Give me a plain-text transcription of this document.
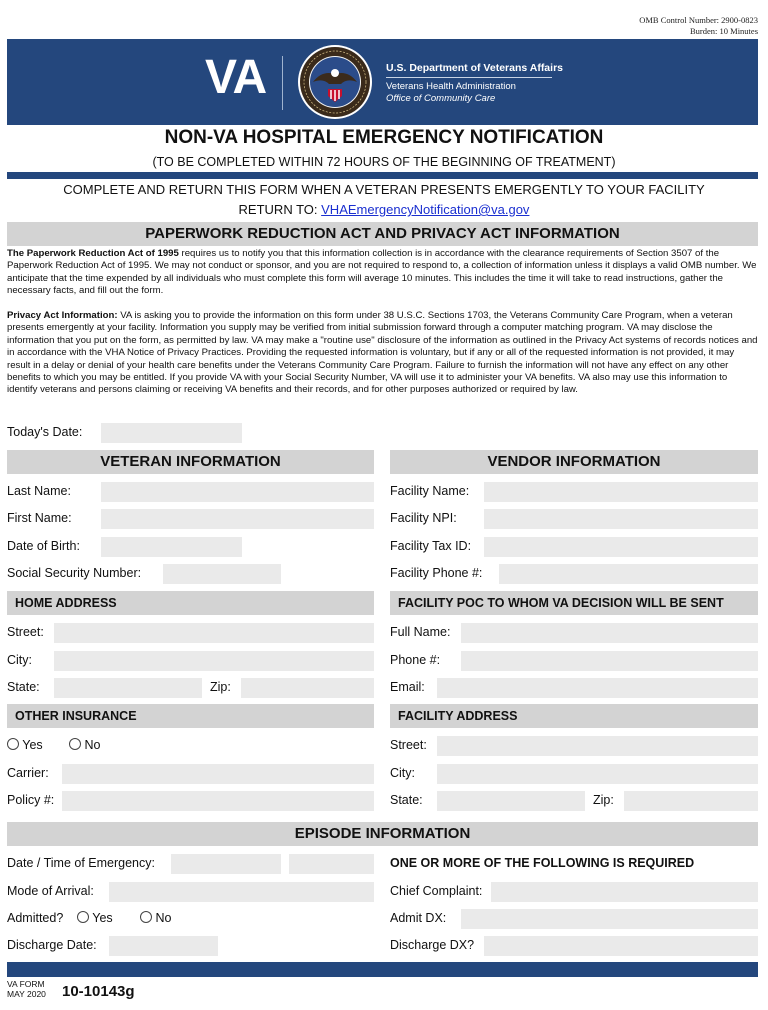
OMB Control Number: 2900-0823
Burden: 10 Minutes
VA	U.S. Department of Veterans Affairs
Veterans Health Administration
Office of Community Care
NON-VA HOSPITAL EMERGENCY NOTIFICATION
(TO BE COMPLETED WITHIN 72 HOURS OF THE BEGINNING OF TREATMENT)
COMPLETE AND RETURN THIS FORM WHEN A VETERAN PRESENTS EMERGENTLY TO YOUR FACILITY
RETURN TO: VHAEmergencyNotification@va.gov
PAPERWORK REDUCTION ACT AND PRIVACY ACT INFORMATION
The Paperwork Reduction Act of 1995 requires us to notify you that this information collection is in accordance with the clearance requirements of Section 3507 of the Paperwork Reduction Act of 1995. We may not conduct or sponsor, and you are not required to respond to, a collection of information unless it displays a valid OMB number. We anticipate that the time expended by all individuals who must complete this form will average 10 minutes. This includes the time it will take to read instructions, gather the necessary facts, and fill out the form.
Privacy Act Information: VA is asking you to provide the information on this form under 38 U.S.C. Sections 1703, the Veterans Community Care Program, when a veteran presents emergently at your facility. Information you supply may be verified from initial submission forward through a computer matching program. VA may disclose the information that you put on the form, as permitted by law. VA may make a "routine use" disclosure of the information as outlined in the Privacy Act systems of records notices and in accordance with the VHA Notice of Privacy Practices. Providing the requested information is voluntary, but if any or all of the requested information is not provided, it may result in a delay or denial of your health care benefits under the Veterans Community Care Program. Failure to furnish the information will not have any effect on any other benefits to which you may be entitled. If you provide VA with your Social Security Number, VA will use it to administer your VA benefits. VA also may use this information to identify veterans and persons claiming or receiving VA benefits and their records, and for other purposes authorized or required by law.
Today's Date:
VETERAN INFORMATION
Last Name:
First Name:
Date of Birth:
Social Security Number:
HOME ADDRESS
Street:
City:
State:	Zip:
OTHER INSURANCE
Yes	No
Carrier:
Policy #:
VENDOR INFORMATION
Facility Name:
Facility NPI:
Facility Tax ID:
Facility Phone #:
FACILITY POC TO WHOM VA DECISION WILL BE SENT
Full Name:
Phone #:
Email:
FACILITY ADDRESS
Street:
City:
State:	Zip:
EPISODE INFORMATION
Date / Time of Emergency:
Mode of Arrival:
Admitted?	Yes	No
Discharge Date:
ONE OR MORE OF THE FOLLOWING IS REQUIRED
Chief Complaint:
Admit DX:
Discharge DX?
VA FORM
MAY 2020 10-10143g
